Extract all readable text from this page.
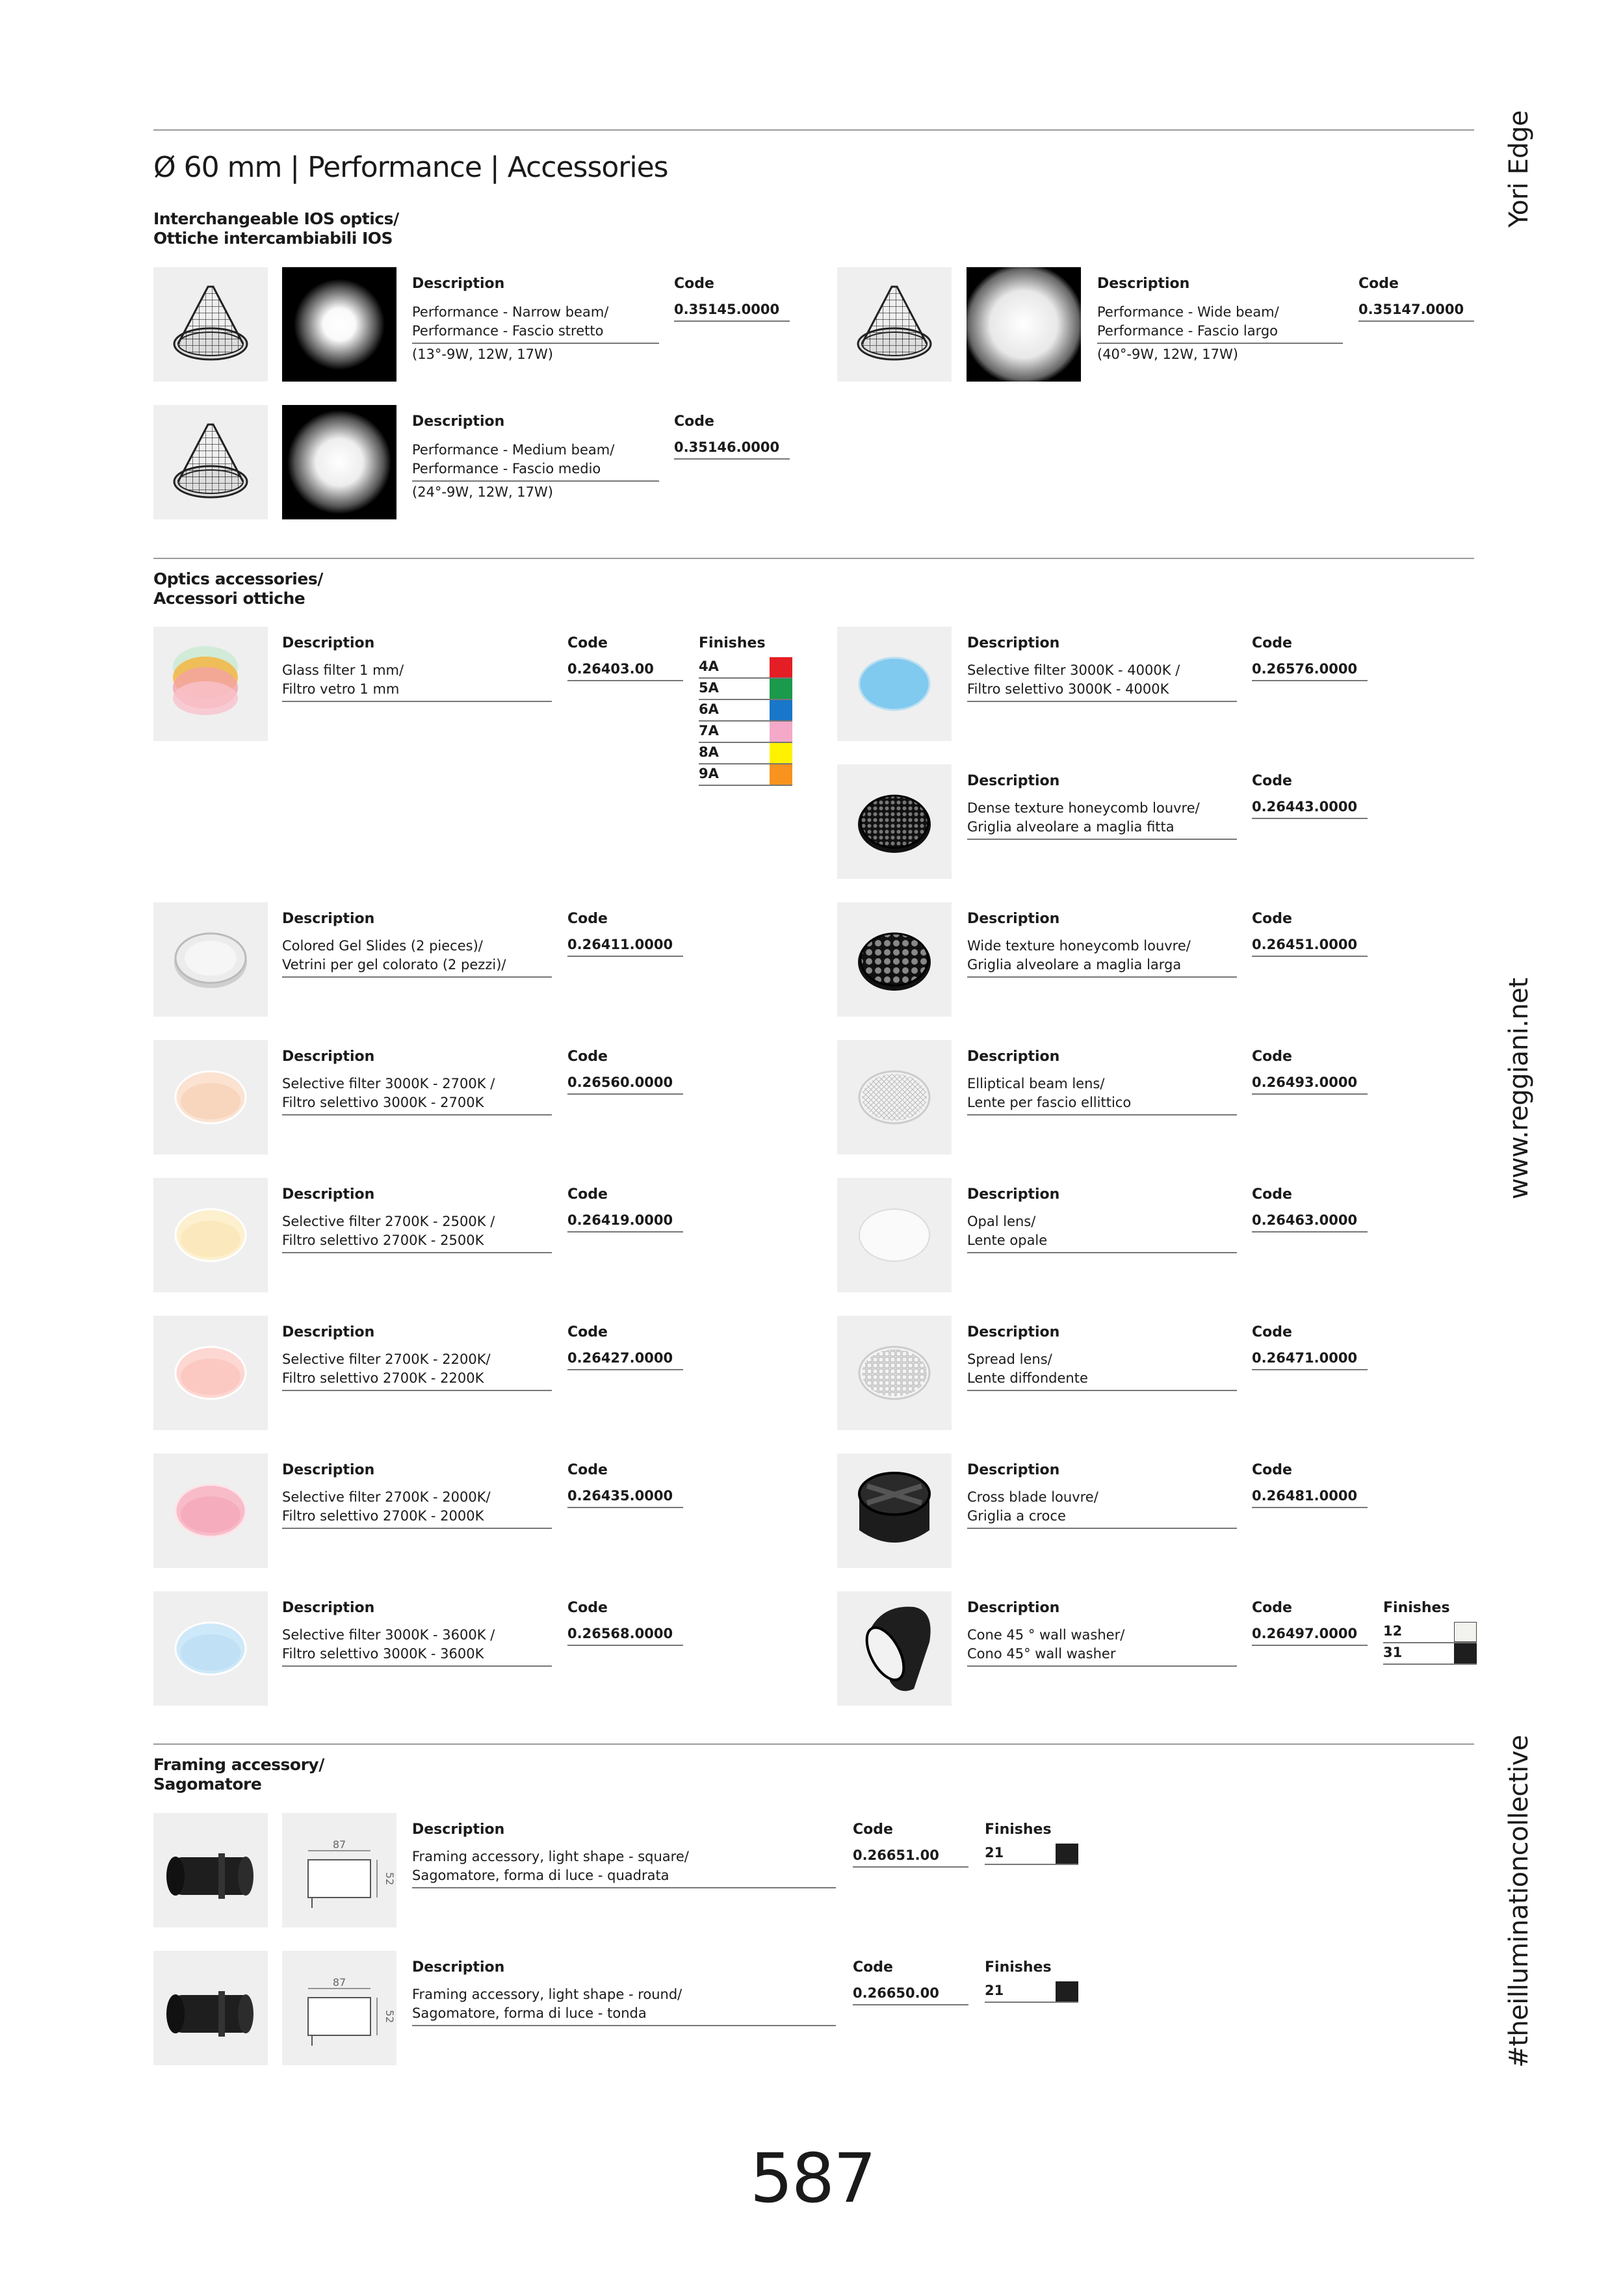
Ø 60 mm | Performance | Accessories
Interchangeable IOS optics/
Ottiche intercambiabili IOS
Description
Performance - Narrow beam/
Performance - Fascio stretto
(13°-9W, 12W, 17W)
Code
0.35145.0000
Description
Performance - Wide beam/
Performance - Fascio largo
(40°-9W, 12W, 17W)
Code
0.35147.0000
Description
Performance - Medium beam/
Performance - Fascio medio
(24°-9W, 12W, 17W)
Code
0.35146.0000
Optics accessories/
Accessori ottiche
Description
Glass filter 1 mm/
Filtro vetro 1 mm
Code
0.26403.00
Finishes
4A
5A
6A
7A
8A
9A
Description
Selective filter 3000K - 4000K /
Filtro selettivo 3000K - 4000K
Code
0.26576.0000
Description
Dense texture honeycomb louvre/
Griglia alveolare a maglia fitta
Code
0.26443.0000
Description
Colored Gel Slides (2 pieces)/
Vetrini per gel colorato (2 pezzi)/
Code
0.26411.0000
Description
Wide texture honeycomb louvre/
Griglia alveolare a maglia larga
Code
0.26451.0000
Description
Selective filter 3000K - 2700K /
Filtro selettivo 3000K - 2700K
Code
0.26560.0000
Description
Elliptical beam lens/
Lente per fascio ellittico
Code
0.26493.0000
Description
Selective filter 2700K - 2500K /
Filtro selettivo 2700K - 2500K
Code
0.26419.0000
Description
Opal lens/
Lente opale
Code
0.26463.0000
Description
Selective filter 2700K - 2200K/
Filtro selettivo 2700K - 2200K
Code
0.26427.0000
Description
Spread lens/
Lente diffondente
Code
0.26471.0000
Description
Selective filter 2700K - 2000K/
Filtro selettivo 2700K - 2000K
Code
0.26435.0000
Description
Cross blade louvre/
Griglia a croce
Code
0.26481.0000
Description
Selective filter 3000K - 3600K /
Filtro selettivo 3000K - 3600K
Code
0.26568.0000
Description
Cone 45 ° wall washer/
Cono 45° wall washer
Code
0.26497.0000
Finishes
12
31
Framing accessory/
Sagomatore
87
52
Description
Framing accessory, light shape - square/
Sagomatore, forma di luce - quadrata
Code
0.26651.00
Finishes
21
87
52
Description
Framing accessory, light shape - round/
Sagomatore, forma di luce - tonda
Code
0.26650.00
Finishes
21
Yori Edge
www.reggiani.net
#theilluminationcollective
587
